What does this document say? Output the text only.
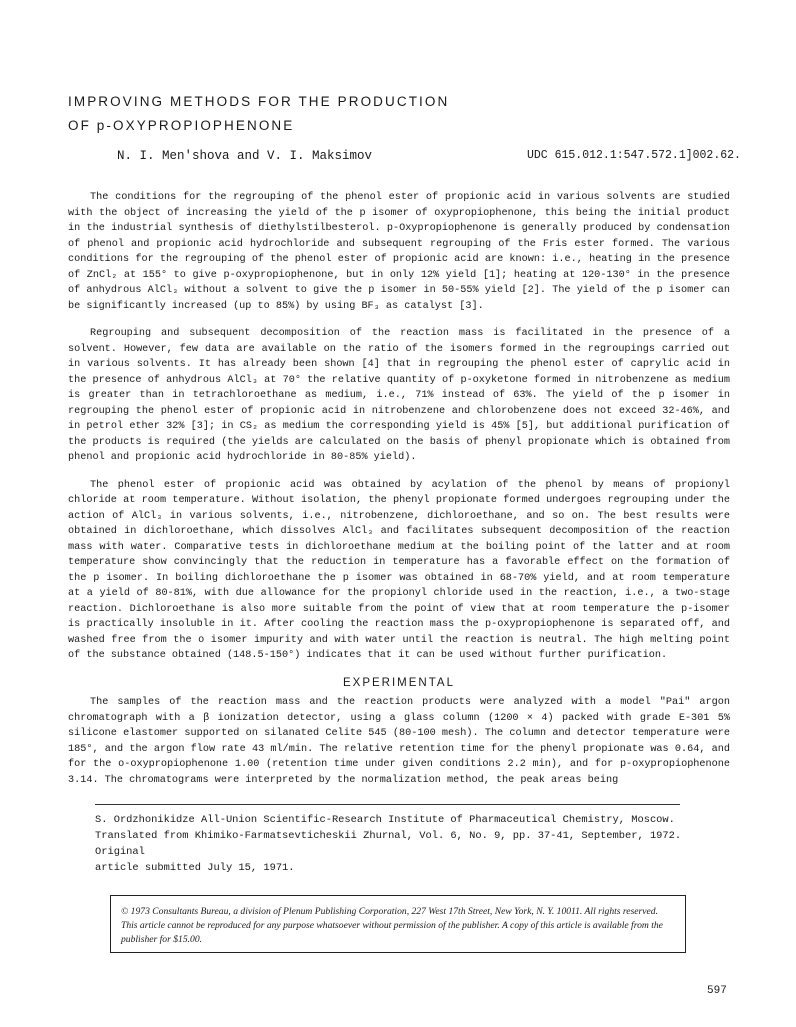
IMPROVING METHODS FOR THE PRODUCTION
OF p-OXYPROPIOPHENONE
N. I. Men'shova and V. I. Maksimov	UDC 615.012.1:547.572.1]002.62.

The conditions for the regrouping of the phenol ester of propionic acid in various solvents are studied with the object of increasing the yield of the p isomer of oxypropiophenone, this being the initial product in the industrial synthesis of diethylstilbesterol. p-Oxypropiophenone is generally produced by condensation of phenol and propionic acid hydrochloride and subsequent regrouping of the Fris ester formed. The various conditions for the regrouping of the phenol ester of propionic acid are known: i.e., heating in the presence of ZnCl₂ at 155° to give p-oxypropiophenone, but in only 12% yield [1]; heating at 120-130° in the presence of anhydrous AlCl₃ without a solvent to give the p isomer in 50-55% yield [2]. The yield of the p isomer can be significantly increased (up to 85%) by using BF₃ as catalyst [3].

Regrouping and subsequent decomposition of the reaction mass is facilitated in the presence of a solvent. However, few data are available on the ratio of the isomers formed in the regroupings carried out in various solvents. It has already been shown [4] that in regrouping the phenol ester of caprylic acid in the presence of anhydrous AlCl₃ at 70° the relative quantity of p-oxyketone formed in nitrobenzene as medium is greater than in tetrachloroethane as medium, i.e., 71% instead of 63%. The yield of the p isomer in regrouping the phenol ester of propionic acid in nitrobenzene and chlorobenzene does not exceed 32-46%, and in petrol ether 32% [3]; in CS₂ as medium the corresponding yield is 45% [5], but additional purification of the products is required (the yields are calculated on the basis of phenyl propionate which is obtained from phenol and propionic acid hydrochloride in 80-85% yield).

The phenol ester of propionic acid was obtained by acylation of the phenol by means of propionyl chloride at room temperature. Without isolation, the phenyl propionate formed undergoes regrouping under the action of AlCl₃ in various solvents, i.e., nitrobenzene, dichloroethane, and so on. The best results were obtained in dichloroethane, which dissolves AlCl₃ and facilitates subsequent decomposition of the reaction mass with water. Comparative tests in dichloroethane medium at the boiling point of the latter and at room temperature show convincingly that the reduction in temperature has a favorable effect on the formation of the p isomer. In boiling dichloroethane the p isomer was obtained in 68-70% yield, and at room temperature at a yield of 80-81%, with due allowance for the propionyl chloride used in the reaction, i.e., a two-stage reaction. Dichloroethane is also more suitable from the point of view that at room temperature the p-isomer is practically insoluble in it. After cooling the reaction mass the p-oxypropiophenone is separated off, and washed free from the o isomer impurity and with water until the reaction is neutral. The high melting point of the substance obtained (148.5-150°) indicates that it can be used without further purification.

EXPERIMENTAL

The samples of the reaction mass and the reaction products were analyzed with a model "Pai" argon chromatograph with a β ionization detector, using a glass column (1200 × 4) packed with grade E-301 5% silicone elastomer supported on silanated Celite 545 (80-100 mesh). The column and detector temperature were 185°, and the argon flow rate 43 ml/min. The relative retention time for the phenyl propionate was 0.64, and for the o-oxypropiophenone 1.00 (retention time under given conditions 2.2 min), and for p-oxypropiophenone 3.14. The chromatograms were interpreted by the normalization method, the peak areas being

S. Ordzhonikidze All-Union Scientific-Research Institute of Pharmaceutical Chemistry, Moscow.
Translated from Khimiko-Farmatsevticheskii Zhurnal, Vol. 6, No. 9, pp. 37-41, September, 1972. Original
article submitted July 15, 1971.
© 1973 Consultants Bureau, a division of Plenum Publishing Corporation, 227 West 17th Street, New York, N. Y. 10011. All rights reserved. This article cannot be reproduced for any purpose whatsoever without permission of the publisher. A copy of this article is available from the publisher for $15.00.
597
